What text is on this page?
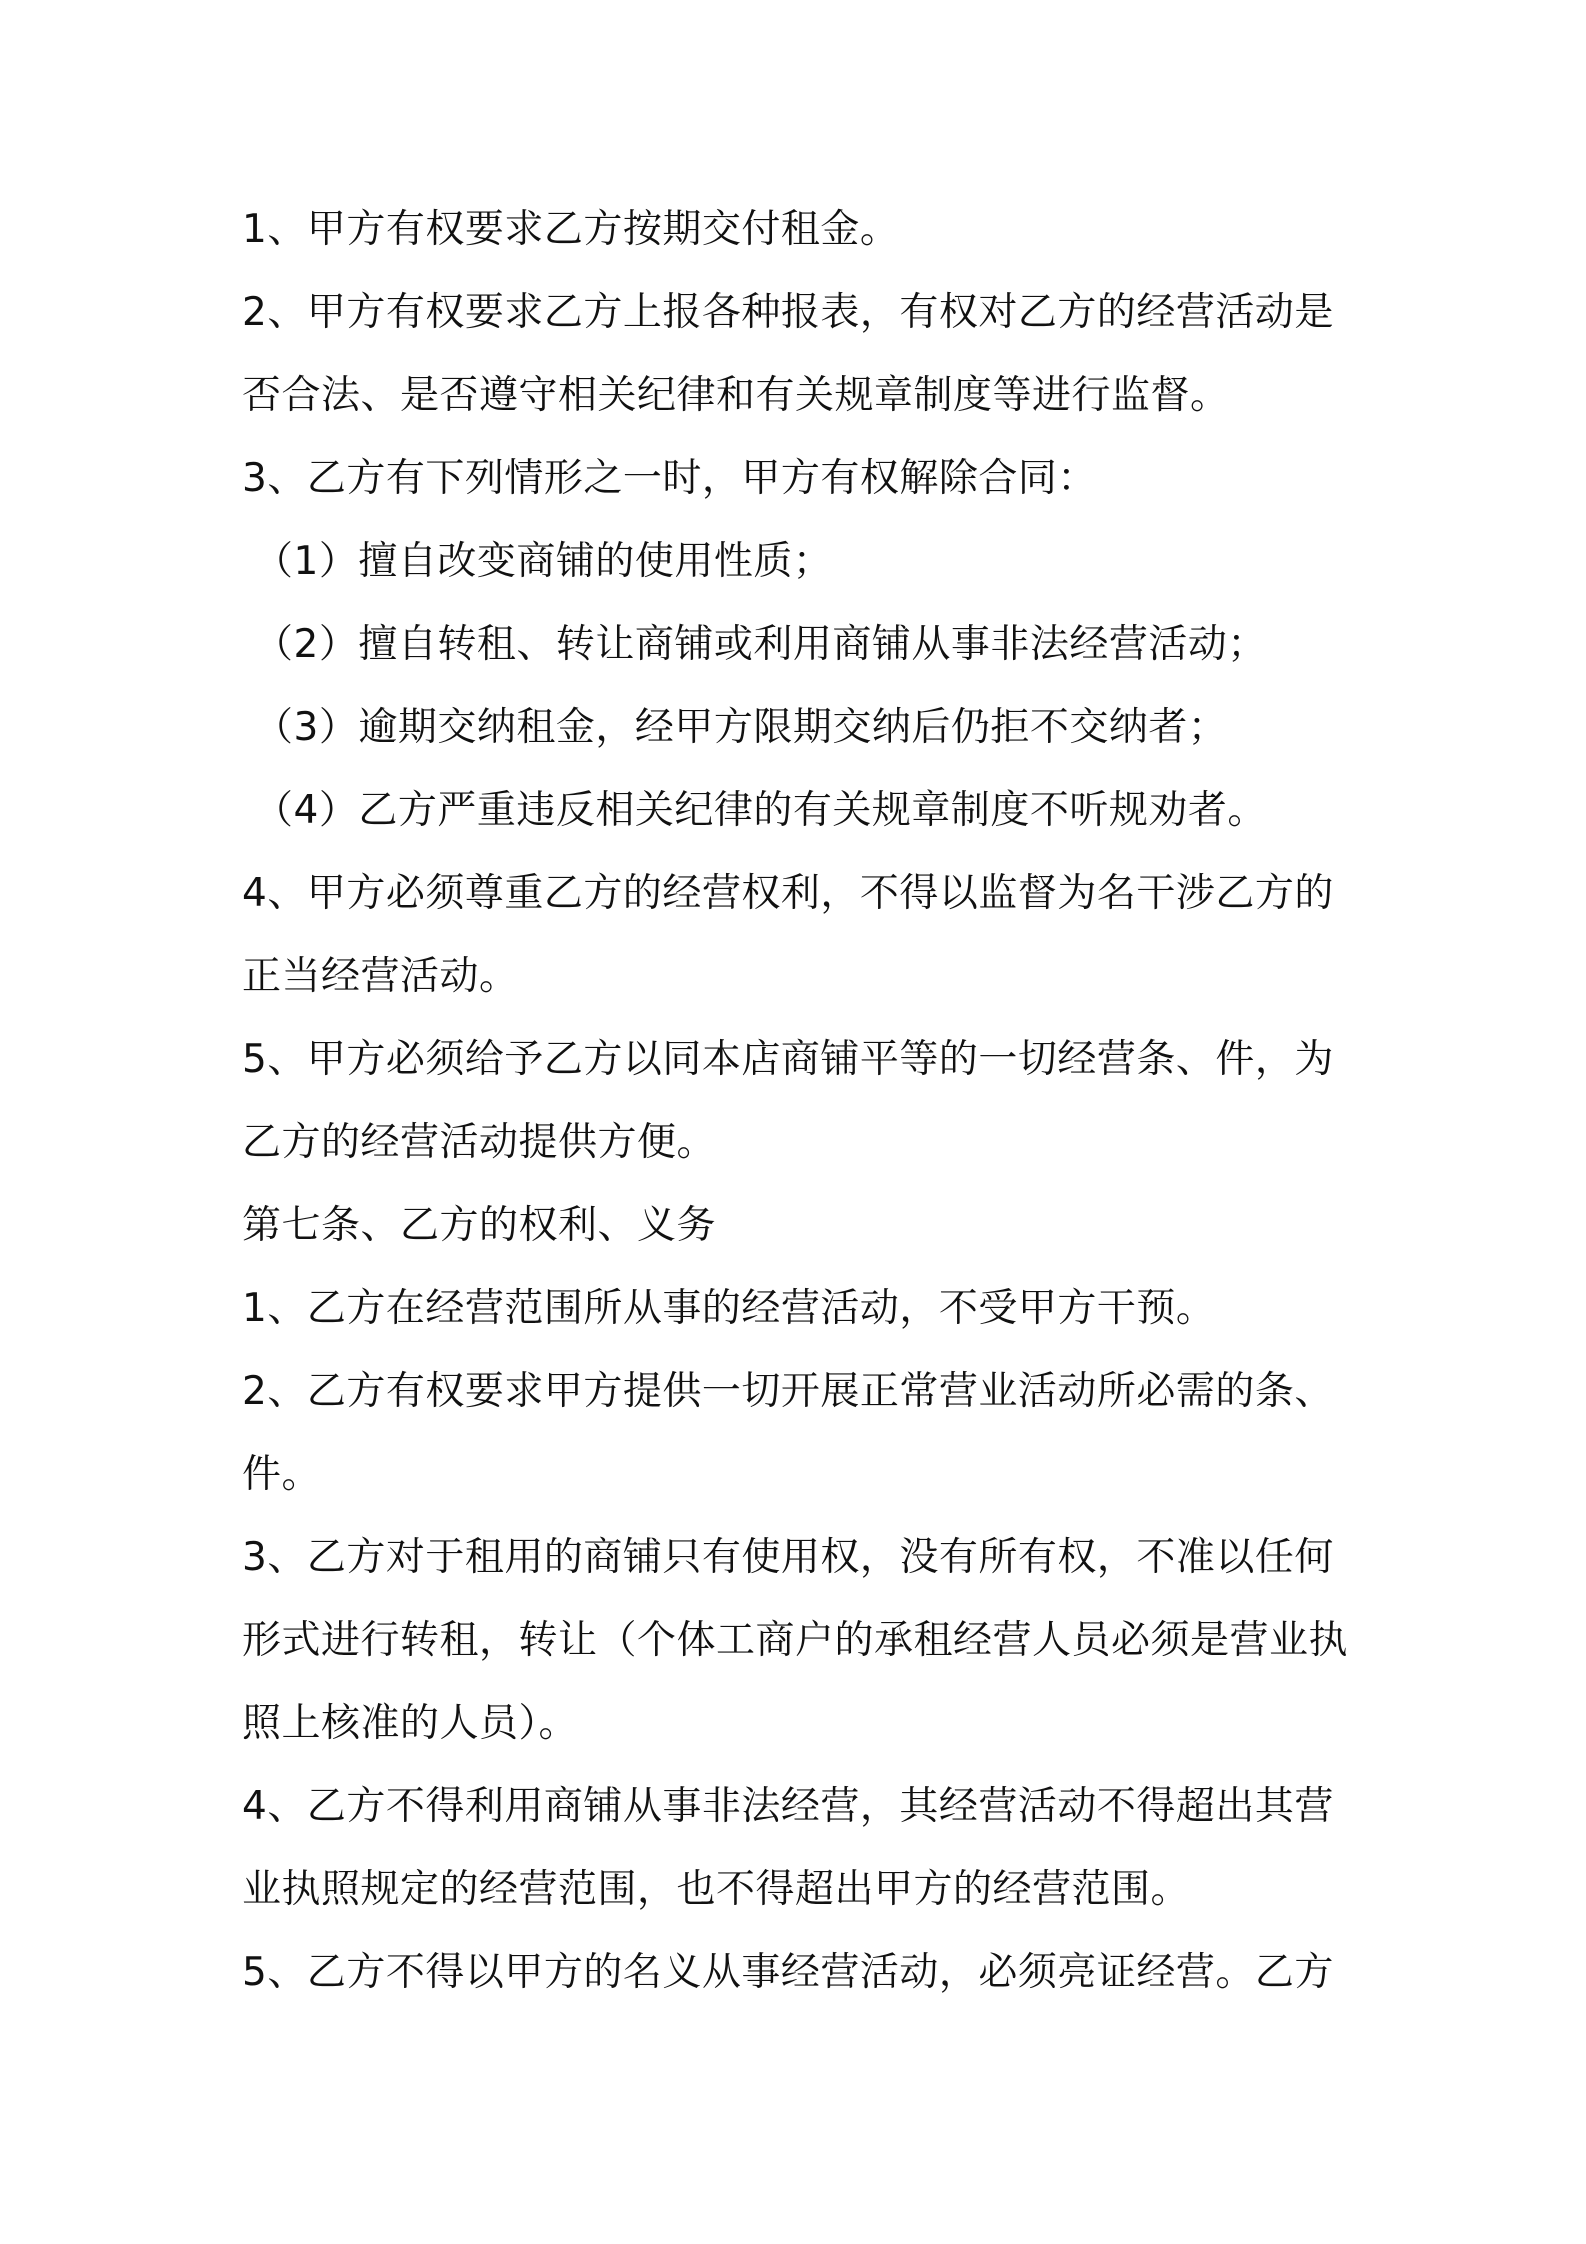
1、甲方有权要求乙方按期交付租金。
2、甲方有权要求乙方上报各种报表，有权对乙方的经营活动是
否合法、是否遵守相关纪律和有关规章制度等进行监督。
3、乙方有下列情形之一时，甲方有权解除合同：
（1）擅自改变商铺的使用性质；
（2）擅自转租、转让商铺或利用商铺从事非法经营活动；
（3）逾期交纳租金，经甲方限期交纳后仍拒不交纳者；
（4）乙方严重违反相关纪律的有关规章制度不听规劝者。
4、甲方必须尊重乙方的经营权利，不得以监督为名干涉乙方的
正当经营活动。
5、甲方必须给予乙方以同本店商铺平等的一切经营条、件，为
乙方的经营活动提供方便。
第七条、乙方的权利、义务
1、乙方在经营范围所从事的经营活动，不受甲方干预。
2、乙方有权要求甲方提供一切开展正常营业活动所必需的条、
件。
3、乙方对于租用的商铺只有使用权，没有所有权，不准以任何
形式进行转租，转让（个体工商户的承租经营人员必须是营业执
照上核准的人员）。
4、乙方不得利用商铺从事非法经营，其经营活动不得超出其营
业执照规定的经营范围，也不得超出甲方的经营范围。
5、乙方不得以甲方的名义从事经营活动，必须亮证经营。乙方
